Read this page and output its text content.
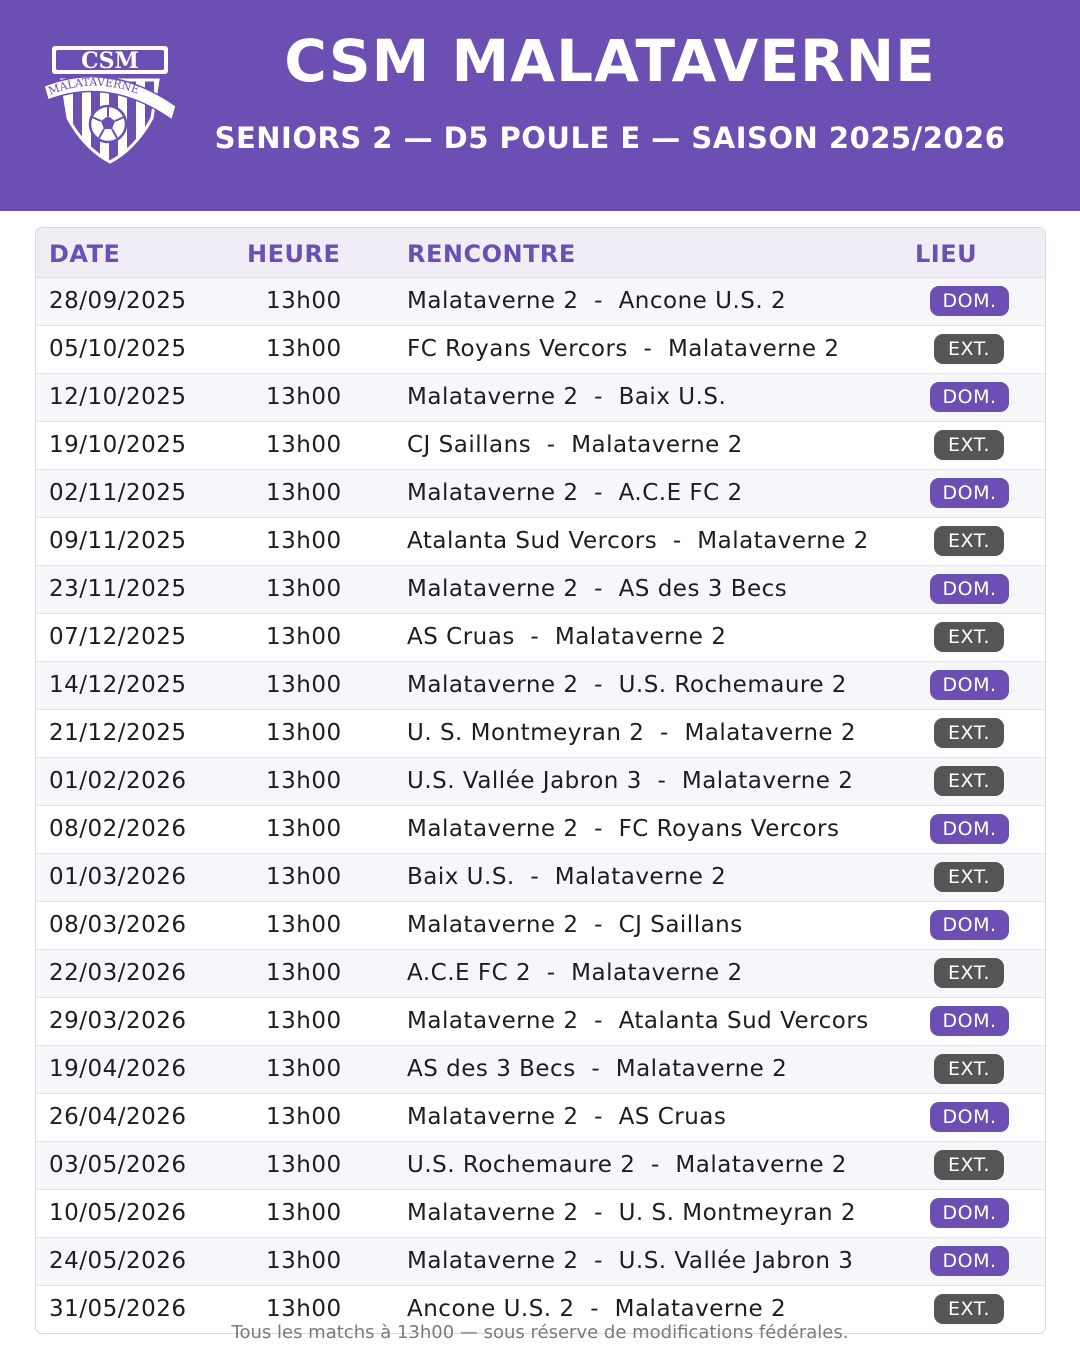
CSM
MALATAVERNE	CSM MALATAVERNE
SENIORS 2 — D5 POULE E — SAISON 2025/2026
DATE	HEURE	RENCONTRE	LIEU
28/09/2025	13h00	Malataverne 2  -  Ancone U.S. 2	DOM.
05/10/2025	13h00	FC Royans Vercors  -  Malataverne 2	EXT.
12/10/2025	13h00	Malataverne 2  -  Baix U.S.	DOM.
19/10/2025	13h00	CJ Saillans  -  Malataverne 2	EXT.
02/11/2025	13h00	Malataverne 2  -  A.C.E FC 2	DOM.
09/11/2025	13h00	Atalanta Sud Vercors  -  Malataverne 2	EXT.
23/11/2025	13h00	Malataverne 2  -  AS des 3 Becs	DOM.
07/12/2025	13h00	AS Cruas  -  Malataverne 2	EXT.
14/12/2025	13h00	Malataverne 2  -  U.S. Rochemaure 2	DOM.
21/12/2025	13h00	U. S. Montmeyran 2  -  Malataverne 2	EXT.
01/02/2026	13h00	U.S. Vallée Jabron 3  -  Malataverne 2	EXT.
08/02/2026	13h00	Malataverne 2  -  FC Royans Vercors	DOM.
01/03/2026	13h00	Baix U.S.  -  Malataverne 2	EXT.
08/03/2026	13h00	Malataverne 2  -  CJ Saillans	DOM.
22/03/2026	13h00	A.C.E FC 2  -  Malataverne 2	EXT.
29/03/2026	13h00	Malataverne 2  -  Atalanta Sud Vercors	DOM.
19/04/2026	13h00	AS des 3 Becs  -  Malataverne 2	EXT.
26/04/2026	13h00	Malataverne 2  -  AS Cruas	DOM.
03/05/2026	13h00	U.S. Rochemaure 2  -  Malataverne 2	EXT.
10/05/2026	13h00	Malataverne 2  -  U. S. Montmeyran 2	DOM.
24/05/2026	13h00	Malataverne 2  -  U.S. Vallée Jabron 3	DOM.
31/05/2026	13h00	Ancone U.S. 2  -  Malataverne 2	EXT.
Tous les matchs à 13h00 — sous réserve de modifications fédérales.
